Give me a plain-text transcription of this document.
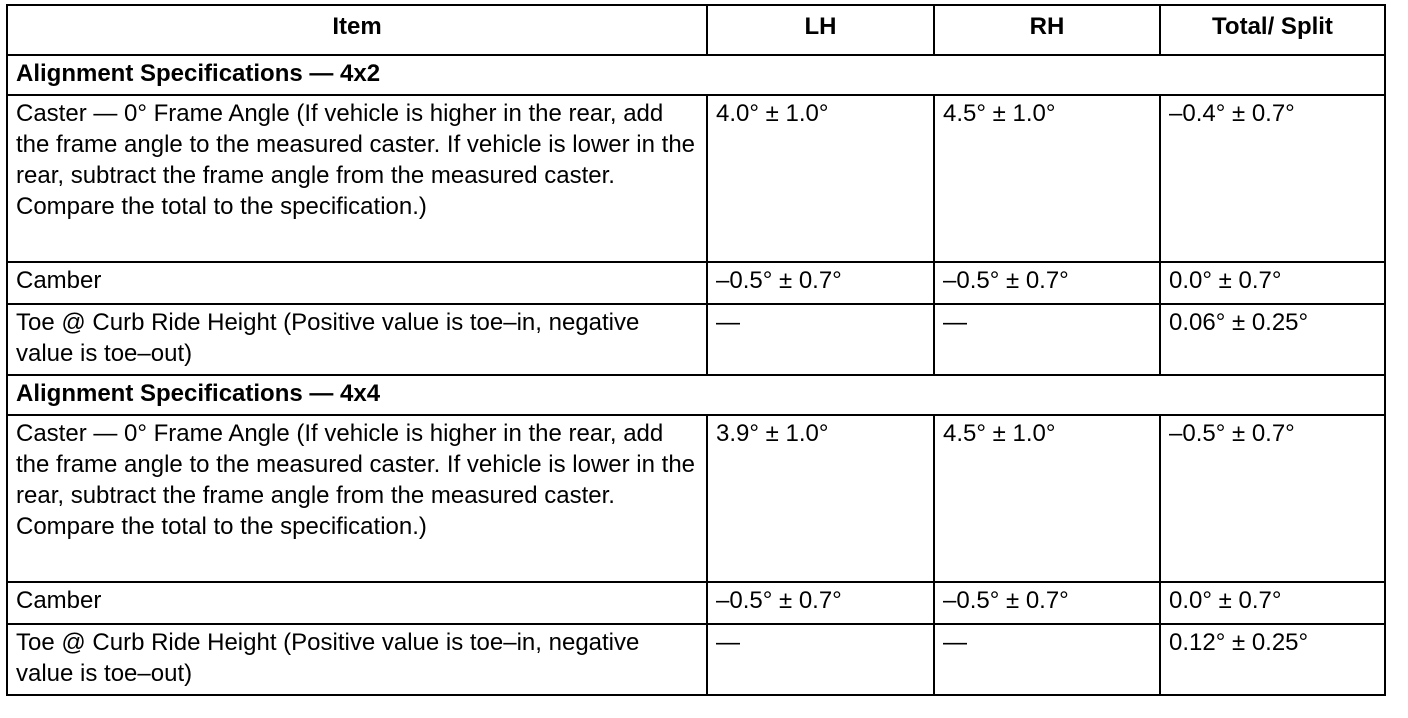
Item	LH	RH	Total/ Split
Alignment Specifications — 4x2			
Caster — 0° Frame Angle (If vehicle is higher in the rear, add the frame angle to the measured caster. If vehicle is lower in the rear, subtract the frame angle from the measured caster. Compare the total to the specification.)	4.0° ± 1.0°	4.5° ± 1.0°	–0.4° ± 0.7°
Camber	–0.5° ± 0.7°	–0.5° ± 0.7°	0.0° ± 0.7°
Toe @ Curb Ride Height (Positive value is toe–in, negative value is toe–out)	—	—	0.06° ± 0.25°
Alignment Specifications — 4x4			
Caster — 0° Frame Angle (If vehicle is higher in the rear, add the frame angle to the measured caster. If vehicle is lower in the rear, subtract the frame angle from the measured caster. Compare the total to the specification.)	3.9° ± 1.0°	4.5° ± 1.0°	–0.5° ± 0.7°
Camber	–0.5° ± 0.7°	–0.5° ± 0.7°	0.0° ± 0.7°
Toe @ Curb Ride Height (Positive value is toe–in, negative value is toe–out)	—	—	0.12° ± 0.25°
